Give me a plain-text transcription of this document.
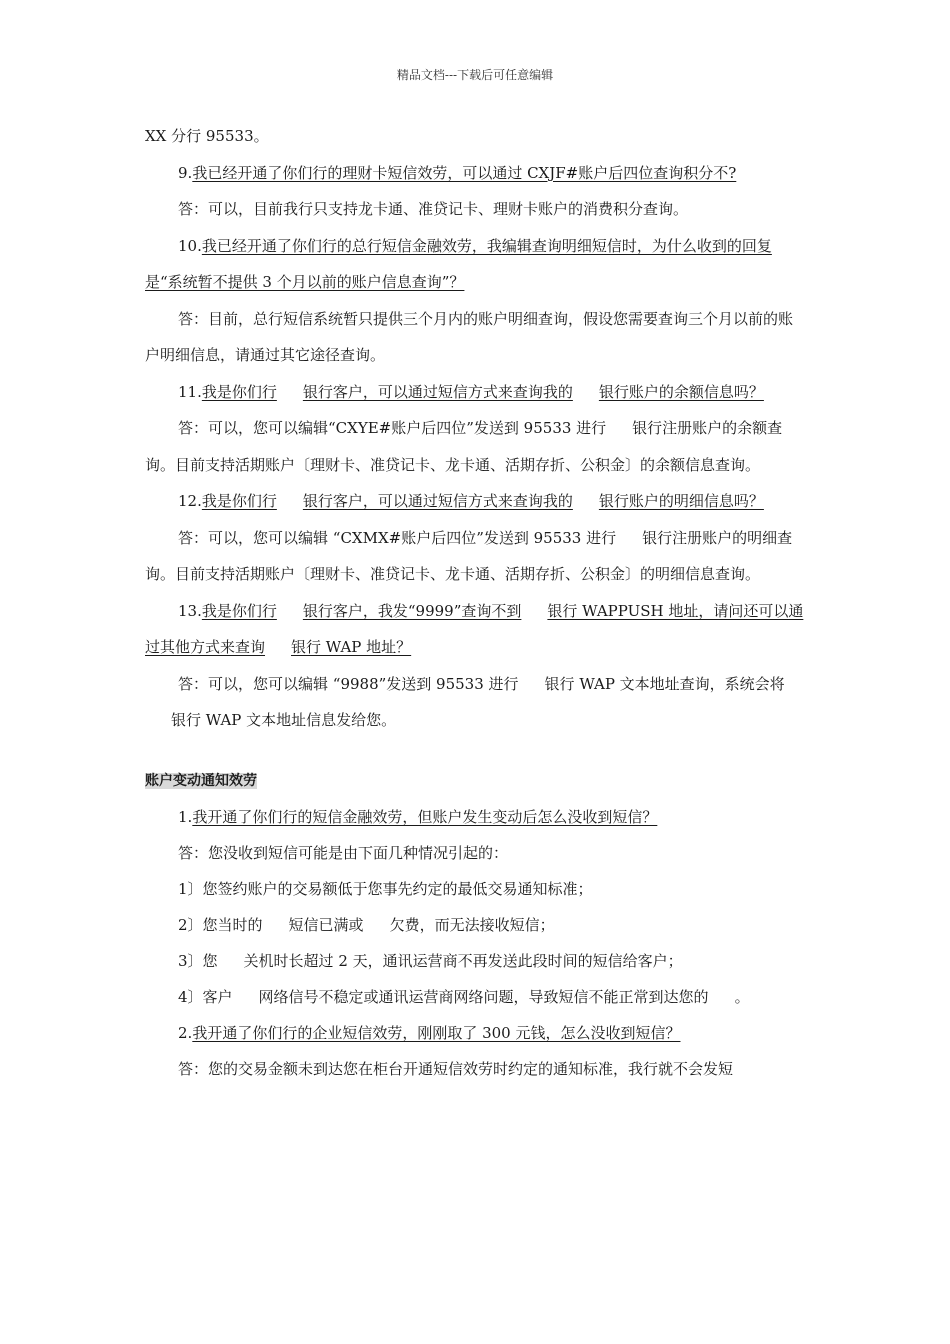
精品文档---下载后可任意编辑

XX 分行 95533。

9.我已经开通了你们行的理财卡短信效劳，可以通过 CXJF#账户后四位查询积分不?

答：可以，目前我行只支持龙卡通、准贷记卡、理财卡账户的消费积分查询。

10.我已经开通了你们行的总行短信金融效劳，我编辑查询明细短信时，为什么收到的回复是“系统暂不提供 3 个月以前的账户信息查询”？

答：目前，总行短信系统暂只提供三个月内的账户明细查询，假设您需要查询三个月以前的账户明细信息，请通过其它途径查询。

11.我是你们行 银行客户，可以通过短信方式来查询我的 银行账户的余额信息吗？

答：可以，您可以编辑“CXYE#账户后四位”发送到 95533 进行 银行注册账户的余额查询。目前支持活期账户〔理财卡、准贷记卡、龙卡通、活期存折、公积金〕的余额信息查询。

12.我是你们行 银行客户，可以通过短信方式来查询我的 银行账户的明细信息吗？

答：可以，您可以编辑 “CXMX#账户后四位”发送到 95533 进行 银行注册账户的明细查询。目前支持活期账户〔理财卡、准贷记卡、龙卡通、活期存折、公积金〕的明细信息查询。

13.我是你们行 银行客户，我发“9999”查询不到 银行 WAPPUSH 地址，请问还可以通过其他方式来查询 银行 WAP 地址？

答：可以，您可以编辑 “9988”发送到 95533 进行 银行 WAP 文本地址查询，系统会将银行 WAP 文本地址信息发给您。

账户变动通知效劳

1.我开通了你们行的短信金融效劳，但账户发生变动后怎么没收到短信？

答：您没收到短信可能是由下面几种情况引起的：

1〕您签约账户的交易额低于您事先约定的最低交易通知标准；

2〕您当时的 短信已满或 欠费，而无法接收短信；

3〕您 关机时长超过 2 天，通讯运营商不再发送此段时间的短信给客户；

4〕客户 网络信号不稳定或通讯运营商网络问题，导致短信不能正常到达您的 。

2.我开通了你们行的企业短信效劳，刚刚取了 300 元钱，怎么没收到短信？

答：您的交易金额未到达您在柜台开通短信效劳时约定的通知标准，我行就不会发短
